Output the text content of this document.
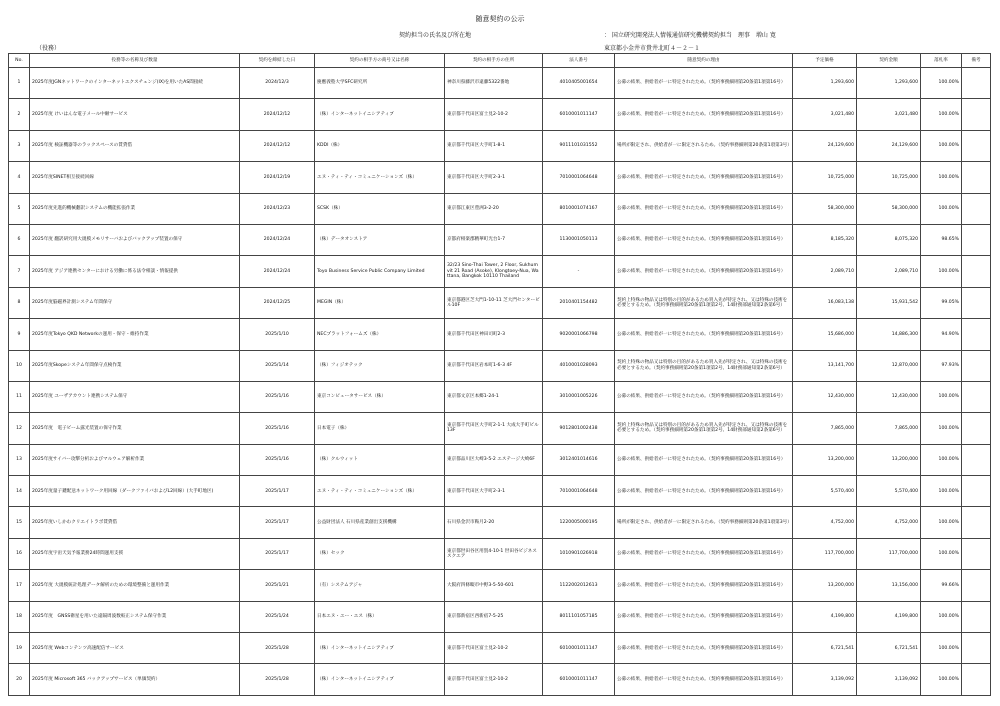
随意契約の公示
契約担当の氏名及び所在地	： 国立研究開発法人情報通信研究機構契約担当　理事　増山 寛
（役務）	東京都小金井市貴井北町４－２－１
No.	役務等の名称及び数量	契約を締結した日	契約の相手方の商号又は名称	契約の相手方の住所	法人番号	随意契約の理由	予定価格	契約金額	落札率	備考
1	2025年度JGNネットワークのインターネットエクスチェンジ(IX)を用いたAS間接続	2024/12/3	慶應義塾大学SFC研究所	神奈川県藤沢市遠藤5322番地	4010405001654	公募の結果、供給者が一に特定されたため。（契約事務細則第20条第1項第16号）	1,293,600	1,293,600	100.00%	
2	2025年度 けいはんな電子メール中継サービス	2024/12/12	（株）インターネットイニシアティブ	東京都千代田区富士見2-10-2	6010001011147	公募の結果、供給者が一に特定されたため。（契約事務細則第20条第1項第16号）	3,021,480	3,021,480	100.00%	
3	2025年度 検証機器等のラックスペースの賃貸借	2024/12/12	KDDI（株）	東京都千代田区大手町1-8-1	9011101031552	場所が限定され、供給者が一に限定されるため。（契約事務細則第20条第1項第3号）	24,129,600	24,129,600	100.00%	
4	2025年度SINET相互接続回線	2024/12/19	エヌ・ティ・ティ・コミュニケーションズ（株）	東京都千代田区大手町2-3-1	7010001064648	公募の結果、供給者が一に特定されたため。（契約事務細則第20条第1項第16号）	10,725,000	10,725,000	100.00%	
5	2025年度先進的機械翻訳システムの機能拡張作業	2024/12/23	SCSK（株）	東京都江東区豊洲3-2-20	8010001074167	公募の結果、供給者が一に特定されたため。（契約事務細則第20条第1項第16号）	58,300,000	58,300,000	100.00%	
6	2025年度 翻訳研究用大規模メモリサーバおよびバックアップ装置の保守	2024/12/24	（株）データオンストア	京都府相楽郡精華町光台1-7	1130001050113	公募の結果、供給者が一に特定されたため。（契約事務細則第20条第1項第16号）	8,185,320	8,075,320	98.65%	
7	2025年度 アジア連携センターにおける労働に係る法令相談・情報提供	2024/12/24	Toyo Business Service Public Company Limited	32/23 Sino-Thai Tower, 2 Floor, Sukhumvit 21 Road (Asoke), Klongtoey-Nua, Wattana, Bangkok 10110 Thailand	-	公募の結果、供給者が一に特定されたため。（契約事務細則第20条第1項第16号）	2,089,710	2,089,710	100.00%	
8	2025年度脳磁界計測システム年間保守	2024/12/25	MEGIN（株）	東京都港区芝大門1-10-11 芝大門センタービル10F	2010401154482	契約上特殊の物品又は特別の目的があるため買入先が特定され、又は特殊の技術を必要とするため。（契約事務細則第20条第1項第2号、14財務部通知第2条第6号）	16,083,138	15,931,542	99.05%	
9	2025年度Tokyo QKD Networkの運用・保守・維持作業	2025/1/10	NECプラットフォームズ（株）	東京都千代田区神田司町2-3	9020001066798	公募の結果、供給者が一に特定されたため。（契約事務細則第20条第1項第16号）	15,686,000	14,886,300	94.90%	
10	2025年度Skopeシステム年間保守点検作業	2025/1/14	（株）フィジオテック	東京都千代田区岩本町1-6-3 4F	4010001028093	契約上特殊の物品又は特別の目的があるため買入先が特定され、又は特殊の技術を必要とするため。（契約事務細則第20条第1項第2号、14財務部通知第2条第6号）	13,141,700	12,870,000	97.93%	
11	2025年度 ユーザアカウント連携システム保守	2025/1/16	東京コンピュータサービス（株）	東京都文京区本郷1-24-1	3010001005226	公募の結果、供給者が一に特定されたため。（契約事務細則第20条第1項第16号）	12,430,000	12,430,000	100.00%	
12	2025年度　電子ビーム露光装置の保守作業	2025/1/16	日本電子（株）	東京都千代田区大手町2-1-1 大成大手町ビル13F	9012801002438	契約上特殊の物品又は特別の目的があるため買入先が特定され、又は特殊の技術を必要とするため。（契約事務細則第20条第1項第2号、14財務部通知第2条第6号）	7,865,000	7,865,000	100.00%	
13	2025年度サイバー攻撃分析およびマルウェア解析作業	2025/1/16	（株）クルウィット	東京都品川区大崎3-5-2 エステージ大崎6F	3012401014616	公募の結果、供給者が一に特定されたため。（契約事務細則第20条第1項第16号）	13,200,000	13,200,000	100.00%	
14	2025年度量子鍵配送ネットワーク用回線（ダークファイバおよびL2回線）(大手町地区)	2025/1/17	エヌ・ティ・ティ・コミュニケーションズ（株）	東京都千代田区大手町2-3-1	7010001064648	公募の結果、供給者が一に特定されたため。（契約事務細則第20条第1項第16号）	5,570,400	5,570,400	100.00%	
15	2025年度いしかわクリエイトラボ賃貸借	2025/1/17	公益財団法人 石川県産業創出支援機構	石川県金沢市鞍月2-20	1220005000195	場所が限定され、供給者が一に限定されるため。（契約事務細則第20条第1項第3号）	4,752,000	4,752,000	100.00%	
16	2025年度宇宙天気予報業務24時間運用支援	2025/1/17	（株）セック	東京都世田谷区用賀4-10-1 世田谷ビジネススクエア	1010901026918	公募の結果、供給者が一に特定されたため。（契約事務細則第20条第1項第16号）	117,700,000	117,700,000	100.00%	
17	2025年度 大規模統計処理データ解析のための環境整備と運用作業	2025/1/21	（有）システムアジャ	大阪府四條畷市中野3-5-50-601	1122002012613	公募の結果、供給者が一に特定されたため。（契約事務細則第20条第1項第16号）	13,200,000	13,156,000	99.66%	
18	2025年度　GNSS衛星を用いた遠隔周波数較正システム保守作業	2025/1/24	日本エヌ・ユー・エス（株）	東京都新宿区西新宿7-5-25	8011101057185	公募の結果、供給者が一に特定されたため。（契約事務細則第20条第1項第16号）	4,199,800	4,199,800	100.00%	
19	2025年度 Webコンテンツ高速配信サービス	2025/1/28	（株）インターネットイニシアティブ	東京都千代田区富士見2-10-2	6010001011147	公募の結果、供給者が一に特定されたため。（契約事務細則第20条第1項第16号）	6,721,541	6,721,541	100.00%	
20	2025年度 Microsoft 365 バックアップサービス（単価契約）	2025/1/28	（株）インターネットイニシアティブ	東京都千代田区富士見2-10-2	6010001011147	公募の結果、供給者が一に特定されたため。（契約事務細則第20条第1項第16号）	3,139,092	3,139,092	100.00%	
